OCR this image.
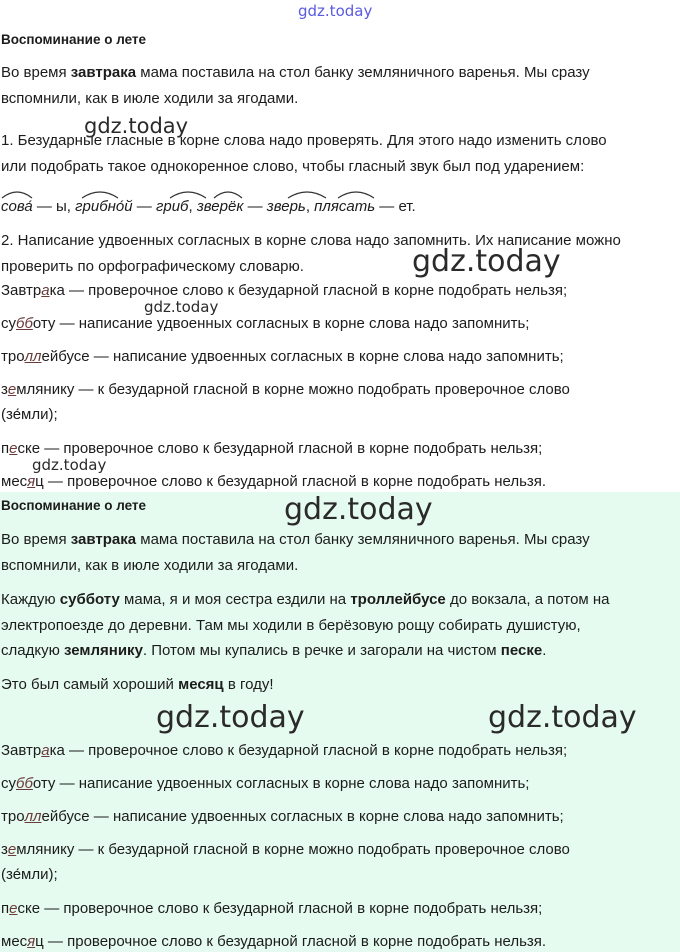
gdz.today
gdz.today
gdz.today
gdz.today
gdz.today
gdz.today
gdz.today	gdz.today
Воспоминание о лете
Во время завтрака мама поставила на стол банку земляничного варенья. Мы сразу
вспомнили, как в июле ходили за ягодами.
1. Безударные гласные в корне слова надо проверять. Для этого надо изменить слово
или подобрать такое однокоренное слово, чтобы гласный звук был под ударением:
сова́ — ы, грибно́й — гриб, зверёк — зверь, плясать — ет.
2. Написание удвоенных согласных в корне слова надо запомнить. Их написание можно
проверить по орфографическому словарю.
Завтрака — проверочное слово к безударной гласной в корне подобрать нельзя;
субботу — написание удвоенных согласных в корне слова надо запомнить;
троллейбусе — написание удвоенных согласных в корне слова надо запомнить;
землянику — к безударной гласной в корне можно подобрать проверочное слово
(зе́мли);
песке — проверочное слово к безударной гласной в корне подобрать нельзя;
месяц — проверочное слово к безударной гласной в корне подобрать нельзя.
Воспоминание о лете
Во время завтрака мама поставила на стол банку земляничного варенья. Мы сразу
вспомнили, как в июле ходили за ягодами.
Каждую субботу мама, я и моя сестра ездили на троллейбусе до вокзала, а потом на
электропоезде до деревни. Там мы ходили в берёзовую рощу собирать душистую,
сладкую землянику. Потом мы купались в речке и загорали на чистом песке.
Это был самый хороший месяц в году!
Завтрака — проверочное слово к безударной гласной в корне подобрать нельзя;
субботу — написание удвоенных согласных в корне слова надо запомнить;
троллейбусе — написание удвоенных согласных в корне слова надо запомнить;
землянику — к безударной гласной в корне можно подобрать проверочное слово
(зе́мли);
песке — проверочное слово к безударной гласной в корне подобрать нельзя;
месяц — проверочное слово к безударной гласной в корне подобрать нельзя.
